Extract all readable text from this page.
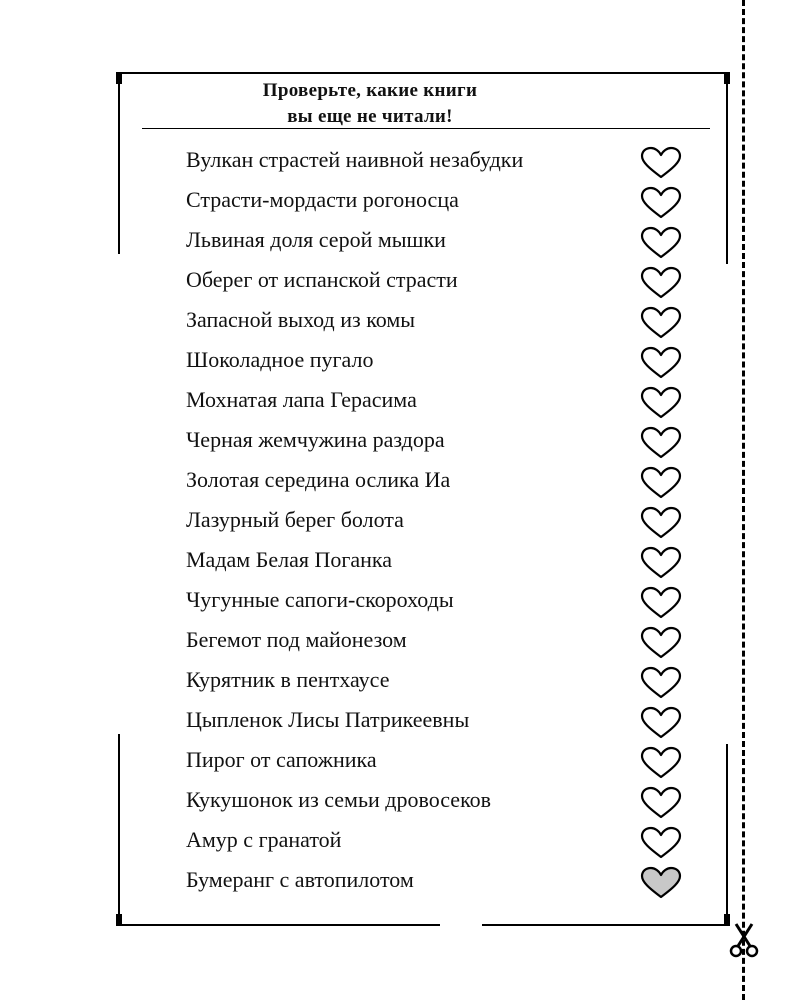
Проверьте, какие книги
вы еще не читали!
Вулкан страстей наивной незабудки
Страсти-мордасти рогоносца
Львиная доля серой мышки
Оберег от испанской страсти
Запасной выход из комы
Шоколадное пугало
Мохнатая лапа Герасима
Черная жемчужина раздора
Золотая середина ослика Иа
Лазурный берег болота
Мадам Белая Поганка
Чугунные сапоги-скороходы
Бегемот под майонезом
Курятник в пентхаусе
Цыпленок Лисы Патрикеевны
Пирог от сапожника
Кукушонок из семьи дровосеков
Амур с гранатой
Бумеранг с автопилотом
